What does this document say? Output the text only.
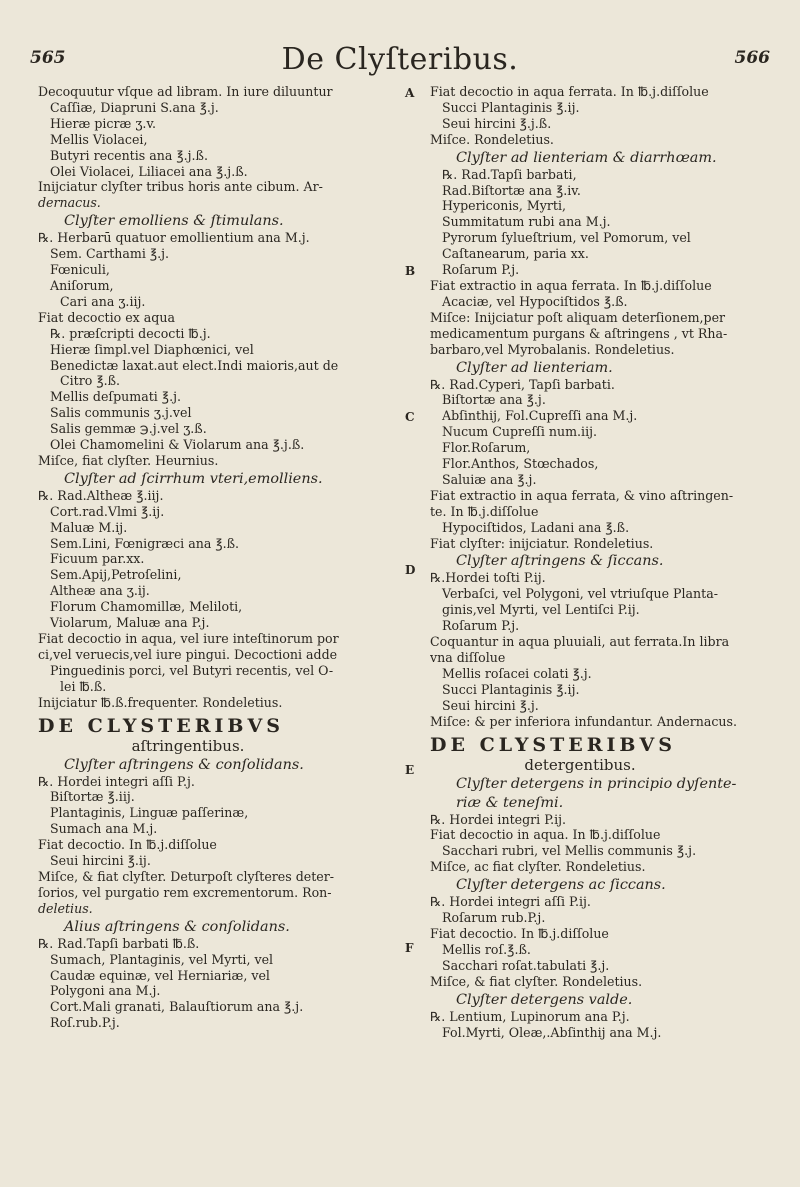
565	De Clyſteribus.	566
Decoquutur vſque ad libram. In iure diluuntur
Caſſiæ, Diapruni S.ana ℥.j.
Hieræ picræ ʒ.v.
Mellis Violacei,
Butyri recentis ana ℥.j.ß.
Olei Violacei, Liliacei ana ℥.j.ß.
Inijciatur clyſter tribus horis ante cibum. Ar-
dernacus.
Clyſter emolliens & ſtimulans.
℞. Herbarū quatuor emollientium ana M.j.
Sem. Carthami ℥.j.
Fœniculi,
Aniſorum,
Cari ana ʒ.iij.
Fiat decoctio ex aqua
℞. præſcripti decocti ℔.j.
Hieræ ſimpl.vel Diaphœnici, vel
Benedictæ laxat.aut elect.Indi maioris,aut de
Citro ℥.ß.
Mellis deſpumati ℥.j.
Salis communis ʒ.j.vel
Salis gemmæ ℈.j.vel ʒ.ß.
Olei Chamomelini & Violarum ana ℥.j.ß.
Miſce, fiat clyſter. Heurnius.
Clyſter ad ſcirrhum vteri,emolliens.
℞. Rad.Altheæ ℥.iij.
Cort.rad.Vlmi ℥.ij.
Maluæ M.ij.
Sem.Lini, Fœnigræci ana ℥.ß.
Ficuum par.xx.
Sem.Apij,Petroſelini,
Altheæ ana ʒ.ij.
Florum Chamomillæ, Meliloti,
Violarum, Maluæ ana P.j.
Fiat decoctio in aqua, vel iure inteſtinorum por
ci,vel veruecis,vel iure pingui. Decoctioni adde
Pinguedinis porci, vel Butyri recentis, vel O-
lei ℔.ß.
Inijciatur ℔.ß.frequenter. Rondeletius.
DE CLYSTERIBVS
aſtringentibus.
Clyſter aſtringens & conſolidans.
℞. Hordei integri aſſi P.j.
Biſtortæ ℥.iij.
Plantaginis, Linguæ paſſerinæ,
Sumach ana M.j.
Fiat decoctio. In ℔.j.diſſolue
Seui hircini ℥.ij.
Miſce, & fiat clyſter. Deturpoſt clyſteres deter-
ſorios, vel purgatio rem excrementorum. Ron-
deletius.
Alius aſtringens & conſolidans.
℞. Rad.Tapſi barbati ℔.ß.
Sumach, Plantaginis, vel Myrti, vel
Caudæ equinæ, vel Herniariæ, vel
Polygoni ana M.j.
Cort.Mali granati, Balauſtiorum ana ℥.j.
Roſ.rub.P.j.
Fiat decoctio in aqua ferrata. In ℔.j.diſſolue
Succi Plantaginis ℥.ij.
Seui hircini ℥.j.ß.
Miſce. Rondeletius.
Clyſter ad lienteriam & diarrhœam.
℞. Rad.Tapſi barbati,
Rad.Biſtortæ ana ℥.iv.
Hypericonis, Myrti,
Summitatum rubi ana M.j.
Pyrorum ſylueſtrium, vel Pomorum, vel
Caſtanearum, paria xx.
Roſarum P.j.
Fiat extractio in aqua ferrata. In ℔.j.diſſolue
Acaciæ, vel Hypociſtidos ℥.ß.
Miſce: Inijciatur poſt aliquam deterſionem,per
medicamentum purgans & aſtringens , vt Rha-
barbaro,vel Myrobalanis. Rondeletius.
Clyſter ad lienteriam.
℞. Rad.Cyperi, Tapſi barbati.
Biſtortæ ana ℥.j.
Abſinthij, Fol.Cupreſſi ana M.j.
Nucum Cupreſſi num.iij.
Flor.Roſarum,
Flor.Anthos, Stœchados,
Saluiæ ana ℥.j.
Fiat extractio in aqua ferrata, & vino aſtringen-
te. In ℔.j.diſſolue
Hypociſtidos, Ladani ana ℥.ß.
Fiat clyſter: inijciatur. Rondeletius.
Clyſter aſtringens & ſiccans.
℞.Hordei toſti P.ij.
Verbaſci, vel Polygoni, vel vtriuſque Planta-
ginis,vel Myrti, vel Lentiſci P.ij.
Roſarum P.j.
Coquantur in aqua pluuiali, aut ferrata.In libra
vna diſſolue
Mellis roſacei colati ℥.j.
Succi Plantaginis ℥.ij.
Seui hircini ℥.j.
Miſce: & per inferiora infundantur. Andernacus.
DE CLYSTERIBVS
detergentibus.
Clyſter detergens in principio dyſente-
riæ & teneſmi.
℞. Hordei integri P.ij.
Fiat decoctio in aqua. In ℔.j.diſſolue
Sacchari rubri, vel Mellis communis ℥.j.
Miſce, ac fiat clyſter. Rondeletius.
Clyſter detergens ac ſiccans.
℞. Hordei integri aſſi P.ij.
Roſarum rub.P.j.
Fiat decoctio. In ℔.j.diſſolue
Mellis roſ.℥.ß.
Sacchari roſat.tabulati ℥.j.
Miſce, & fiat clyſter. Rondeletius.
Clyſter detergens valde.
℞. Lentium, Lupinorum ana P.j.
Fol.Myrti, Oleæ,.Abſinthij ana M.j.
A
B
C
D
E
F
